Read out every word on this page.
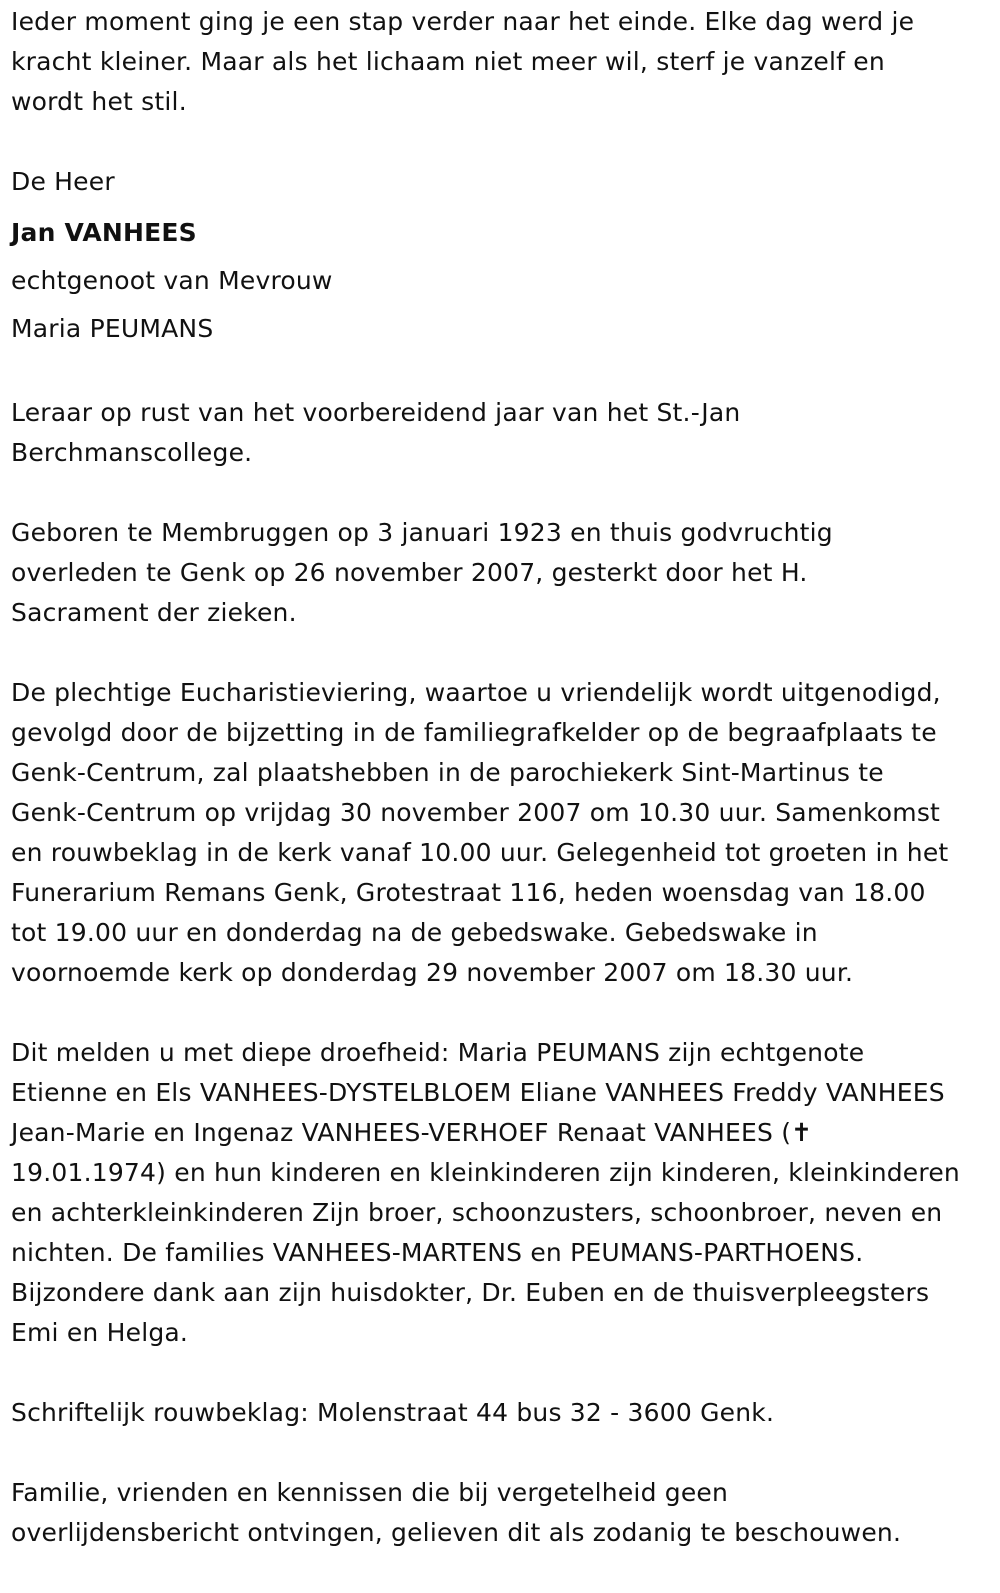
Ieder moment ging je een stap verder naar het einde. Elke dag werd je
kracht kleiner. Maar als het lichaam niet meer wil, sterf je vanzelf en
wordt het stil.
De Heer
Jan VANHEES
echtgenoot van Mevrouw
Maria PEUMANS
Leraar op rust van het voorbereidend jaar van het St.-Jan
Berchmanscollege.
Geboren te Membruggen op 3 januari 1923 en thuis godvruchtig
overleden te Genk op 26 november 2007, gesterkt door het H.
Sacrament der zieken.
De plechtige Eucharistieviering, waartoe u vriendelijk wordt uitgenodigd,
gevolgd door de bijzetting in de familiegrafkelder op de begraafplaats te
Genk-Centrum, zal plaatshebben in de parochiekerk Sint-Martinus te
Genk-Centrum op vrijdag 30 november 2007 om 10.30 uur. Samenkomst
en rouwbeklag in de kerk vanaf 10.00 uur. Gelegenheid tot groeten in het
Funerarium Remans Genk, Grotestraat 116, heden woensdag van 18.00
tot 19.00 uur en donderdag na de gebedswake. Gebedswake in
voornoemde kerk op donderdag 29 november 2007 om 18.30 uur.
Dit melden u met diepe droefheid: Maria PEUMANS zijn echtgenote
Etienne en Els VANHEES-DYSTELBLOEM Eliane VANHEES Freddy VANHEES
Jean-Marie en Ingenaz VANHEES-VERHOEF Renaat VANHEES (✝
19.01.1974) en hun kinderen en kleinkinderen zijn kinderen, kleinkinderen
en achterkleinkinderen Zijn broer, schoonzusters, schoonbroer, neven en
nichten. De families VANHEES-MARTENS en PEUMANS-PARTHOENS.
Bijzondere dank aan zijn huisdokter, Dr. Euben en de thuisverpleegsters
Emi en Helga.
Schriftelijk rouwbeklag: Molenstraat 44 bus 32 - 3600 Genk.
Familie, vrienden en kennissen die bij vergetelheid geen
overlijdensbericht ontvingen, gelieven dit als zodanig te beschouwen.
